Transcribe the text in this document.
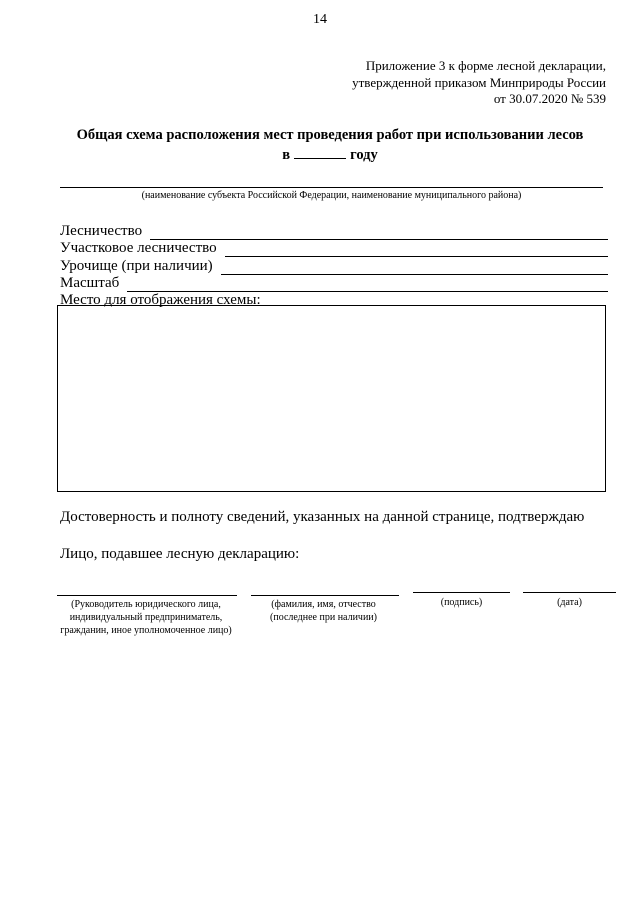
14
Приложение 3 к форме лесной декларации,
утвержденной приказом Минприроды России
от 30.07.2020 № 539
Общая схема расположения мест проведения работ при использовании лесов
в	году
(наименование субъекта Российской Федерации, наименование муниципального района)
Лесничество
Участковое лесничество
Урочище (при наличии)
Масштаб
Место для отображения схемы:
Достоверность и полноту сведений, указанных на данной странице, подтверждаю
Лицо, подавшее лесную декларацию:
(Руководитель юридического лица, индивидуальный предприниматель, гражданин, иное уполномоченное лицо)
(фамилия, имя, отчество (последнее при наличии)
(подпись)	(дата)
